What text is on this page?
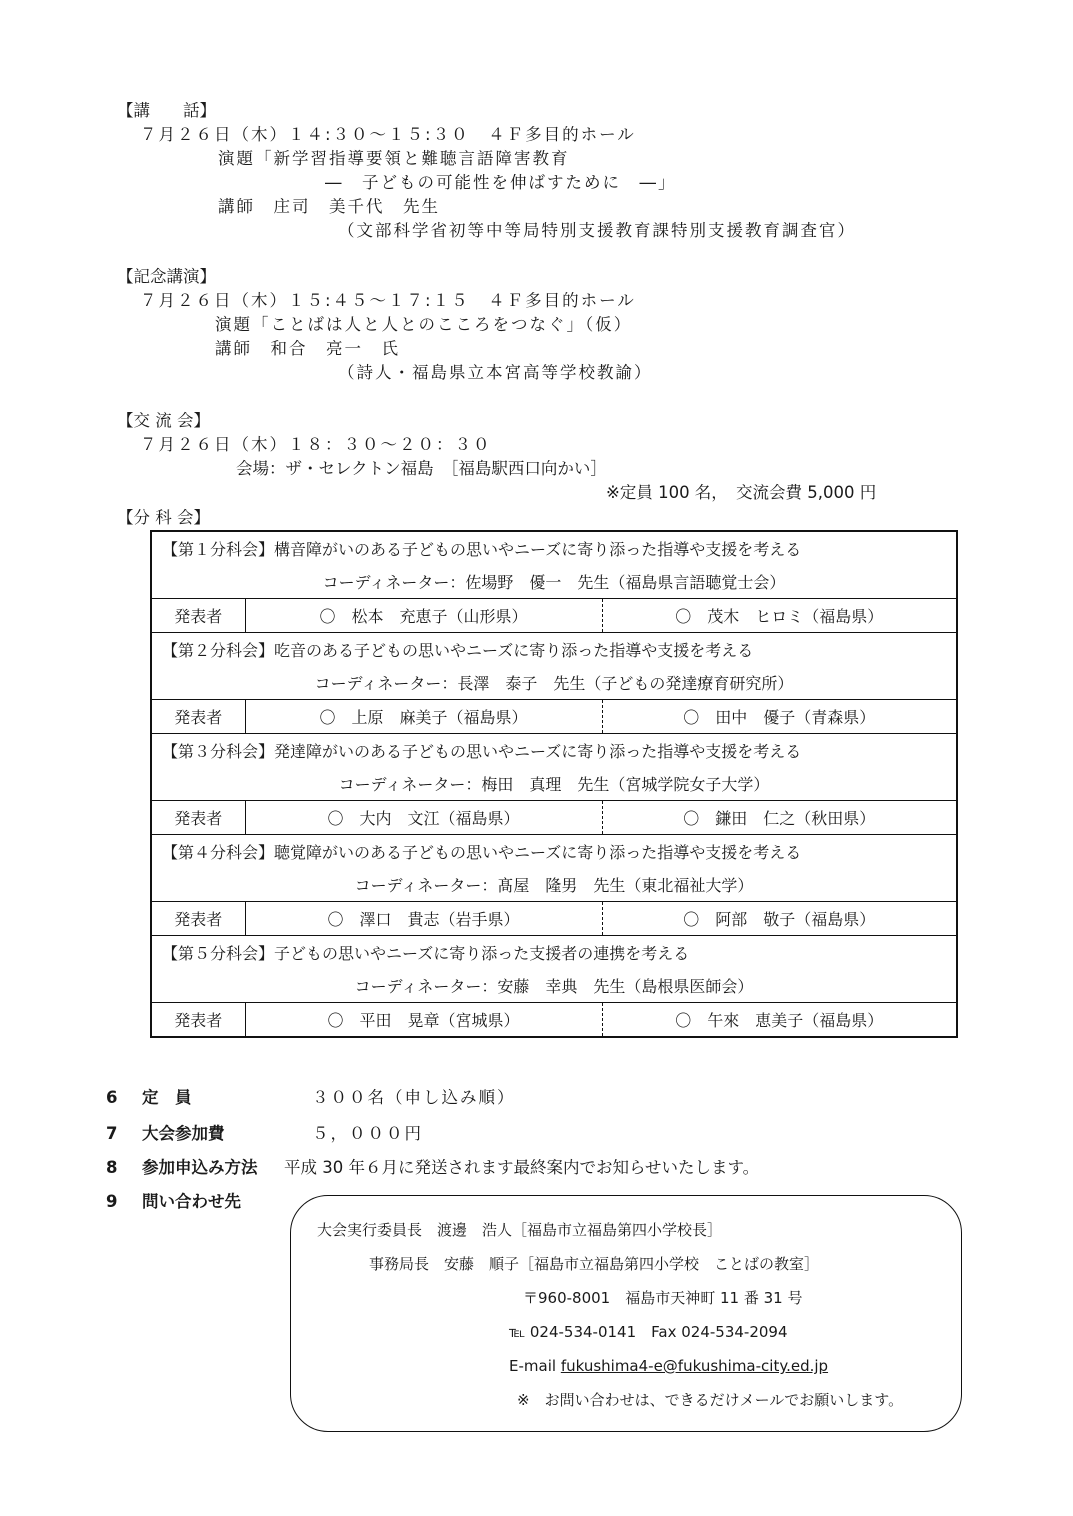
【講　　話】
７月２６日（木）１４:３０～１５:３０　４Ｆ多目的ホール
演題「新学習指導要領と難聴言語障害教育
―　子どもの可能性を伸ばすために　―」
講師　庄司　美千代　先生
（文部科学省初等中等局特別支援教育課特別支援教育調査官）
【記念講演】
７月２６日（木）１５:４５～１７:１５　４Ｆ多目的ホール
演題「ことばは人と人とのこころをつなぐ」（仮）
講師　和合　亮一　氏
（詩人・福島県立本宮高等学校教諭）
【交 流 会】
７月２６日（木）１８：３０～２０：３０
会場：ザ・セレクトン福島　［福島駅西口向かい］
※定員 100 名，　交流会費 5,000 円
【分 科 会】
【第１分科会】構音障がいのある子どもの思いやニーズに寄り添った指導や支援を考える		
コーディネーター：佐場野　優一　先生（福島県言語聴覚士会）		
発表者	〇　松本　充恵子（山形県）	〇　茂木　ヒロミ（福島県）
【第２分科会】吃音のある子どもの思いやニーズに寄り添った指導や支援を考える		
コーディネーター：長澤　泰子　先生（子どもの発達療育研究所）		
発表者	〇　上原　麻美子（福島県）	〇　田中　優子（青森県）
【第３分科会】発達障がいのある子どもの思いやニーズに寄り添った指導や支援を考える		
コーディネーター：梅田　真理　先生（宮城学院女子大学）		
発表者	〇　大内　文江（福島県）	〇　鎌田　仁之（秋田県）
【第４分科会】聴覚障がいのある子どもの思いやニーズに寄り添った指導や支援を考える		
コーディネーター：髙屋　隆男　先生（東北福祉大学）		
発表者	〇　澤口　貴志（岩手県）	〇　阿部　敬子（福島県）
【第５分科会】子どもの思いやニーズに寄り添った支援者の連携を考える		
コーディネーター：安藤　幸典　先生（島根県医師会）		
発表者	〇　平田　晃章（宮城県）	〇　午來　恵美子（福島県）
6 定　員	３００名（申し込み順）
7 大会参加費	５，０００円
8 参加申込み方法 平成 30 年６月に発送されます最終案内でお知らせいたします。
9 問い合わせ先
大会実行委員長　渡邊　浩人［福島市立福島第四小学校長］
事務局長　安藤　順子［福島市立福島第四小学校　ことばの教室］
〒960-8001　福島市天神町 11 番 31 号
℡ 024-534-0141　Fax 024-534-2094
E-mail fukushima4-e@fukushima-city.ed.jp
※　お問い合わせは、できるだけメールでお願いします。
